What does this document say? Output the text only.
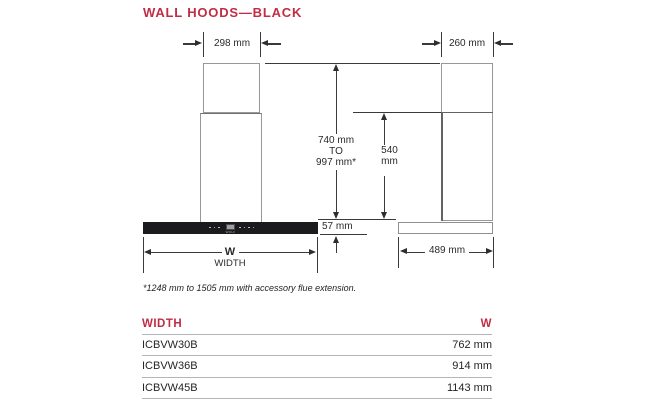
WALL HOODS—BLACK
298 mm	260 mm
WOLF
740 mm
TO
997 mm*
540
mm
57 mm
W
WIDTH
489 mm

*1248 mm to 1505 mm with accessory flue extension.

WIDTH	W
ICBVW30B	762 mm
ICBVW36B	914 mm
ICBVW45B	1143 mm
